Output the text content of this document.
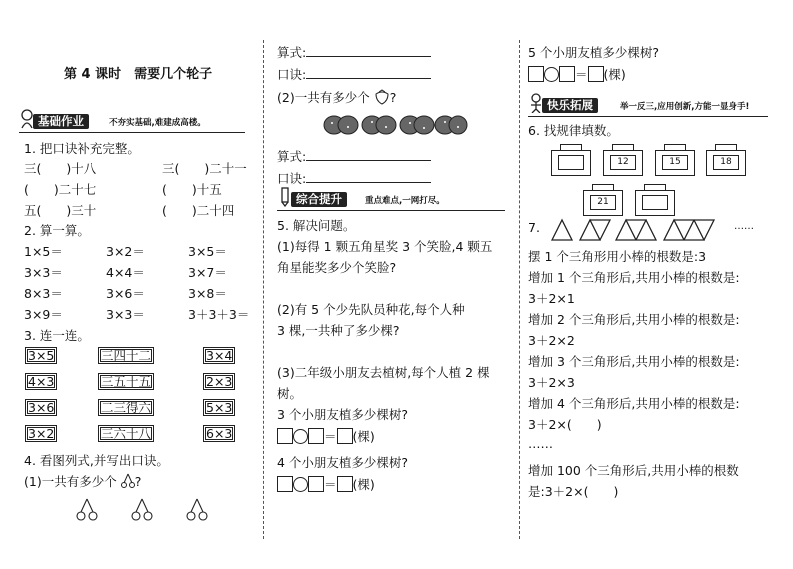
第 4 课时　需要几个轮子
基础作业	不夯实基础,难建成高楼。
1. 把口诀补充完整。
三(　　)十八	三(　　)二十一
(　　)二十七	(　　)十五
五(　　)三十	(　　)二十四
2. 算一算。
1×5＝	3×2＝	3×5＝
3×3＝	4×4＝	3×7＝
8×3＝	3×6＝	3×8＝
3×9＝	3×3＝	3＋3＋3＝
3. 连一连。
3×5	三四十二	3×4
4×3	三五十五	2×3
3×6	二三得六	5×3
3×2	三六十八	6×3
4. 看图列式,并写出口诀。
(1)一共有多少个 ?
算式:
口诀:
(2)一共有多少个 ?
算式:
口诀:
综合提升	重点难点,一网打尽。
5. 解决问题。
(1)每得 1 颗五角星奖 3 个笑脸,4 颗五
角星能奖多少个笑脸?
(2)有 5 个少先队员种花,每个人种
3 棵,一共种了多少棵?
(3)二年级小朋友去植树,每个人植 2 棵
树。
3 个小朋友植多少棵树?
＝ (棵)
4 个小朋友植多少棵树?
＝ (棵)
5 个小朋友植多少棵树?
＝ (棵)
快乐拓展	举一反三,应用创新,方能一显身手!
6. 找规律填数。
12	15	18
21
7.	……
摆 1 个三角形用小棒的根数是:3
增加 1 个三角形后,共用小棒的根数是:
3＋2×1
增加 2 个三角形后,共用小棒的根数是:
3＋2×2
增加 3 个三角形后,共用小棒的根数是:
3＋2×3
增加 4 个三角形后,共用小棒的根数是:
3＋2×(　　)
……
增加 100 个三角形后,共用小棒的根数
是:3＋2×(　　)
